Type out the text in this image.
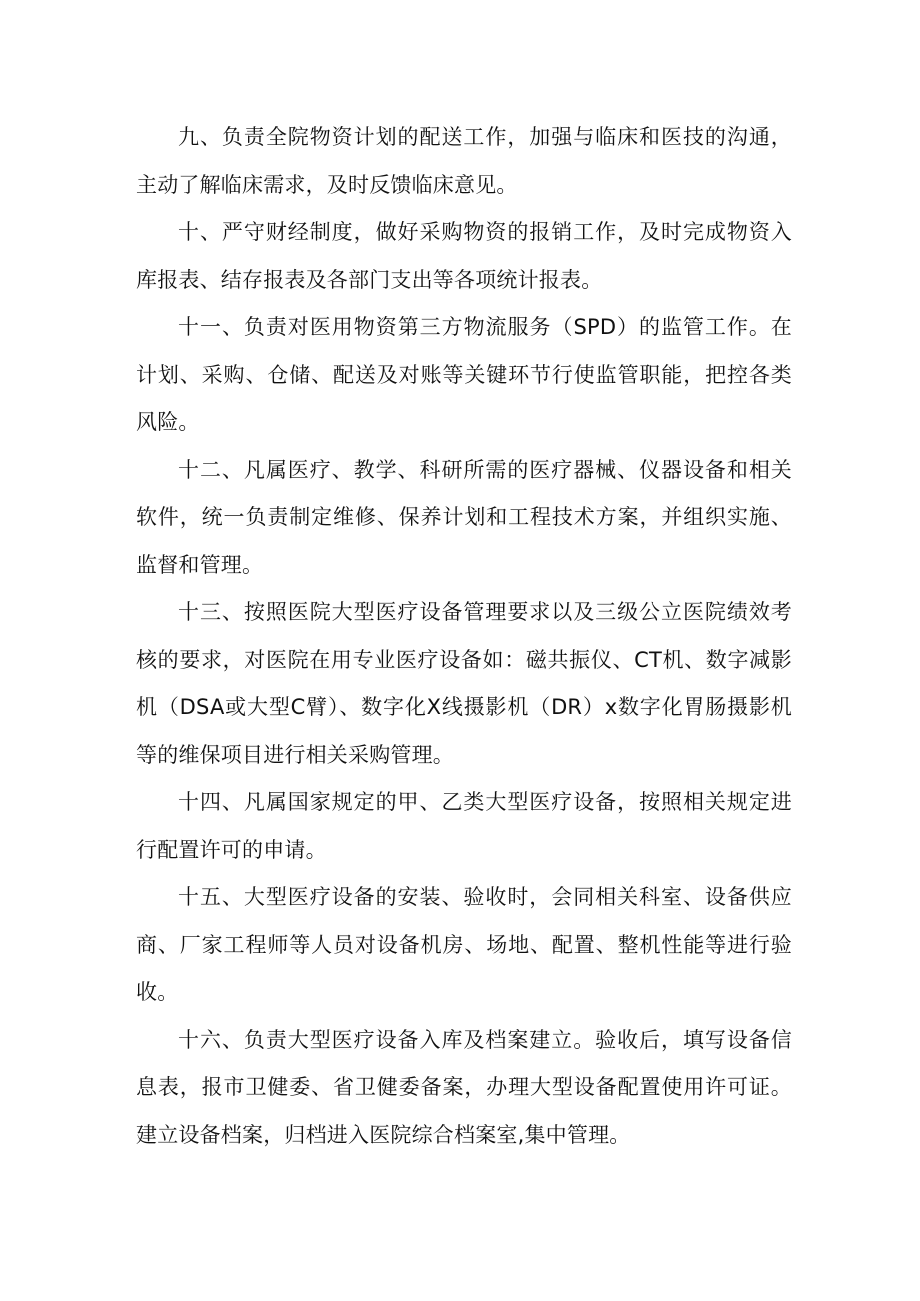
九、负责全院物资计划的配送工作，加强与临床和医技的沟通，主动了解临床需求，及时反馈临床意见。

十、严守财经制度，做好采购物资的报销工作，及时完成物资入库报表、结存报表及各部门支出等各项统计报表。

十一、负责对医用物资第三方物流服务（SPD）的监管工作。在计划、采购、仓储、配送及对账等关键环节行使监管职能，把控各类风险。

十二、凡属医疗、教学、科研所需的医疗器械、仪器设备和相关软件，统一负责制定维修、保养计划和工程技术方案，并组织实施、监督和管理。

十三、按照医院大型医疗设备管理要求以及三级公立医院绩效考核的要求，对医院在用专业医疗设备如：磁共振仪、CT机、数字减影机（DSA或大型C臂）、数字化X线摄影机（DR）x数字化胃肠摄影机等的维保项目进行相关采购管理。

十四、凡属国家规定的甲、乙类大型医疗设备，按照相关规定进行配置许可的申请。

十五、大型医疗设备的安装、验收时，会同相关科室、设备供应商、厂家工程师等人员对设备机房、场地、配置、整机性能等进行验收。

十六、负责大型医疗设备入库及档案建立。验收后，填写设备信息表，报市卫健委、省卫健委备案，办理大型设备配置使用许可证。建立设备档案，归档进入医院综合档案室,集中管理。
